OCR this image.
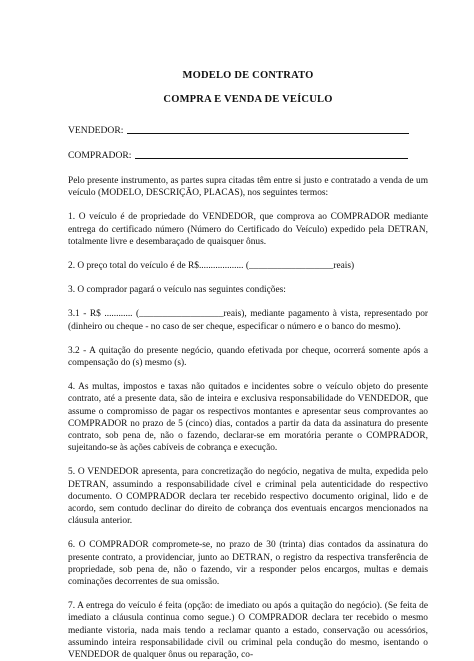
MODELO DE CONTRATO
COMPRA E VENDA DE VEÍCULO
VENDEDOR:
COMPRADOR:

Pelo presente instrumento, as partes supra citadas têm entre si justo e contratado a venda de um veículo (MODELO, DESCRIÇÃO, PLACAS), nos seguintes termos:

1. O veículo é de propriedade do VENDEDOR, que comprova ao COMPRADOR mediante entrega do certificado número (Número do Certificado do Veículo) expedido pela DETRAN, totalmente livre e desembaraçado de quaisquer ônus.

2. O preço total do veículo é de R$................... (__________________reais)

3. O comprador pagará o veículo nas seguintes condições:

3.1 - R$ ............ (__________________reais), mediante pagamento à vista, representado por (dinheiro ou cheque - no caso de ser cheque, especificar o número e o banco do mesmo).

3.2 - A quitação do presente negócio, quando efetivada por cheque, ocorrerá somente após a compensação do (s) mesmo (s).

4. As multas, impostos e taxas não quitados e incidentes sobre o veículo objeto do presente contrato, até a presente data, são de inteira e exclusiva responsabilidade do VENDEDOR, que assume o compromisso de pagar os respectivos montantes e apresentar seus comprovantes ao COMPRADOR no prazo de 5 (cinco) dias, contados a partir da data da assinatura do presente contrato, sob pena de, não o fazendo, declarar-se em moratória perante o COMPRADOR, sujeitando-se às ações cabíveis de cobrança e execução.

5. O VENDEDOR apresenta, para concretização do negócio, negativa de multa, expedida pelo DETRAN, assumindo a responsabilidade cível e criminal pela autenticidade do respectivo documento. O COMPRADOR declara ter recebido respectivo documento original, lido e de acordo, sem contudo declinar do direito de cobrança dos eventuais encargos mencionados na cláusula anterior.

6. O COMPRADOR compromete-se, no prazo de 30 (trinta) dias contados da assinatura do presente contrato, a providenciar, junto ao DETRAN, o registro da respectiva transferência de propriedade, sob pena de, não o fazendo, vir a responder pelos encargos, multas e demais cominações decorrentes de sua omissão.

7. A entrega do veículo é feita (opção: de imediato ou após a quitação do negócio). (Se feita de imediato a cláusula continua como segue.) O COMPRADOR declara ter recebido o mesmo mediante vistoria, nada mais tendo a reclamar quanto a estado, conservação ou acessórios, assumindo inteira responsabilidade civil ou criminal pela condução do mesmo, isentando o VENDEDOR de qualquer ônus ou reparação, co-
